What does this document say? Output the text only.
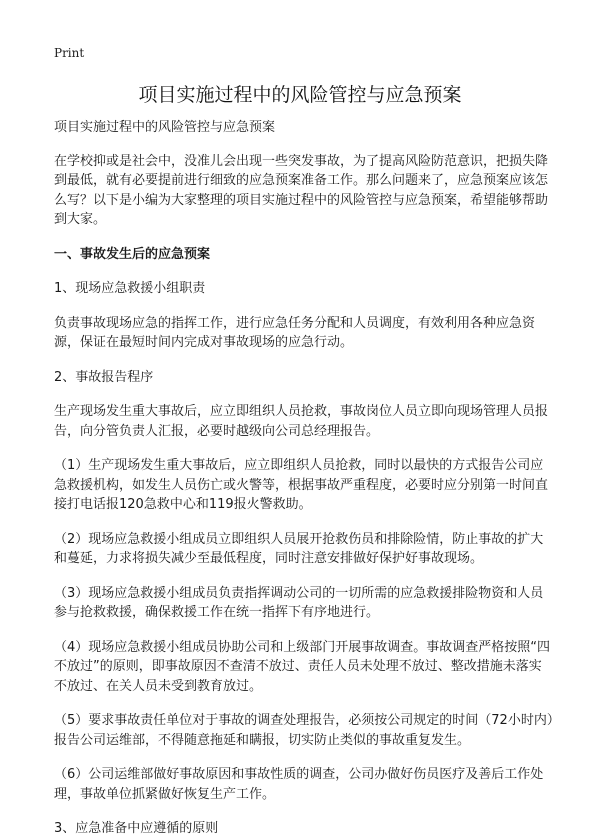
Print
项目实施过程中的风险管控与应急预案

项目实施过程中的风险管控与应急预案

在学校抑或是社会中，没准儿会出现一些突发事故，为了提高风险防范意识，把损失降到最低，就有必要提前进行细致的应急预案准备工作。那么问题来了，应急预案应该怎么写？以下是小编为大家整理的项目实施过程中的风险管控与应急预案，希望能够帮助到大家。

一、事故发生后的应急预案

1、现场应急救援小组职责

负责事故现场应急的指挥工作，进行应急任务分配和人员调度，有效利用各种应急资源，保证在最短时间内完成对事故现场的应急行动。

2、事故报告程序

生产现场发生重大事故后，应立即组织人员抢救，事故岗位人员立即向现场管理人员报告，向分管负责人汇报，必要时越级向公司总经理报告。

（1）生产现场发生重大事故后，应立即组织人员抢救，同时以最快的方式报告公司应急救援机构，如发生人员伤亡或火警等，根据事故严重程度，必要时应分别第一时间直接打电话报120急救中心和119报火警救助。

（2）现场应急救援小组成员立即组织人员展开抢救伤员和排除险情，防止事故的扩大和蔓延，力求将损失减少至最低程度，同时注意安排做好保护好事故现场。

（3）现场应急救援小组成员负责指挥调动公司的一切所需的应急救援排险物资和人员参与抢救救援，确保救援工作在统一指挥下有序地进行。

（4）现场应急救援小组成员协助公司和上级部门开展事故调查。事故调查严格按照“四不放过”的原则，即事故原因不查清不放过、责任人员未处理不放过、整改措施未落实不放过、在关人员未受到教育放过。

（5）要求事故责任单位对于事故的调查处理报告，必须按公司规定的时间（72小时内）报告公司运维部，不得随意拖延和瞒报，切实防止类似的事故重复发生。

（6）公司运维部做好事故原因和事故性质的调查，公司办做好伤员医疗及善后工作处理，事故单位抓紧做好恢复生产工作。

3、应急准备中应遵循的原则
